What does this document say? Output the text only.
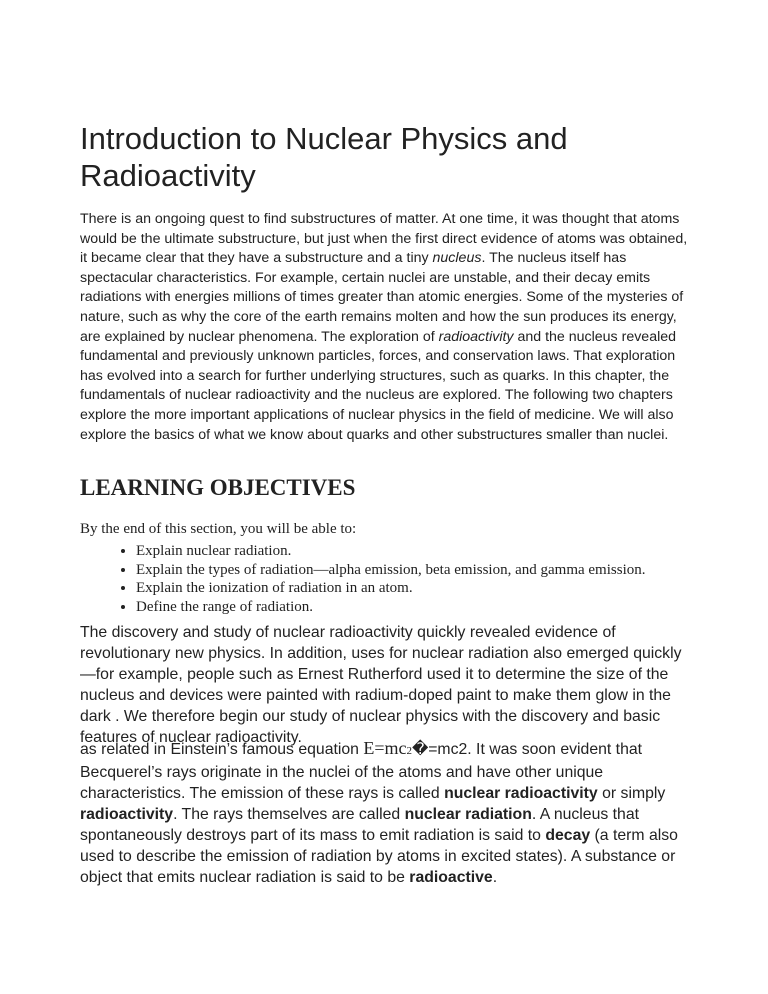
Introduction to Nuclear Physics and Radioactivity

There is an ongoing quest to find substructures of matter. At one time, it was thought that atoms would be the ultimate substructure, but just when the first direct evidence of atoms was obtained, it became clear that they have a substructure and a tiny nucleus. The nucleus itself has spectacular characteristics. For example, certain nuclei are unstable, and their decay emits radiations with energies millions of times greater than atomic energies. Some of the mysteries of nature, such as why the core of the earth remains molten and how the sun produces its energy, are explained by nuclear phenomena. The exploration of radioactivity and the nucleus revealed fundamental and previously unknown particles, forces, and conservation laws. That exploration has evolved into a search for further underlying structures, such as quarks. In this chapter, the fundamentals of nuclear radioactivity and the nucleus are explored. The following two chapters explore the more important applications of nuclear physics in the field of medicine. We will also explore the basics of what we know about quarks and other substructures smaller than nuclei.

LEARNING OBJECTIVES

By the end of this section, you will be able to:

• Explain nuclear radiation.
• Explain the types of radiation—alpha emission, beta emission, and gamma emission.
• Explain the ionization of radiation in an atom.
• Define the range of radiation.

The discovery and study of nuclear radioactivity quickly revealed evidence of revolutionary new physics. In addition, uses for nuclear radiation also emerged quickly—for example, people such as Ernest Rutherford used it to determine the size of the nucleus and devices were painted with radium-doped paint to make them glow in the dark . We therefore begin our study of nuclear physics with the discovery and basic features of nuclear radioactivity.

as related in Einstein’s famous equation E=mc2�=mc2. It was soon evident that Becquerel’s rays originate in the nuclei of the atoms and have other unique characteristics. The emission of these rays is called nuclear radioactivity or simply radioactivity. The rays themselves are called nuclear radiation. A nucleus that spontaneously destroys part of its mass to emit radiation is said to decay (a term also used to describe the emission of radiation by atoms in excited states). A substance or object that emits nuclear radiation is said to be radioactive.
